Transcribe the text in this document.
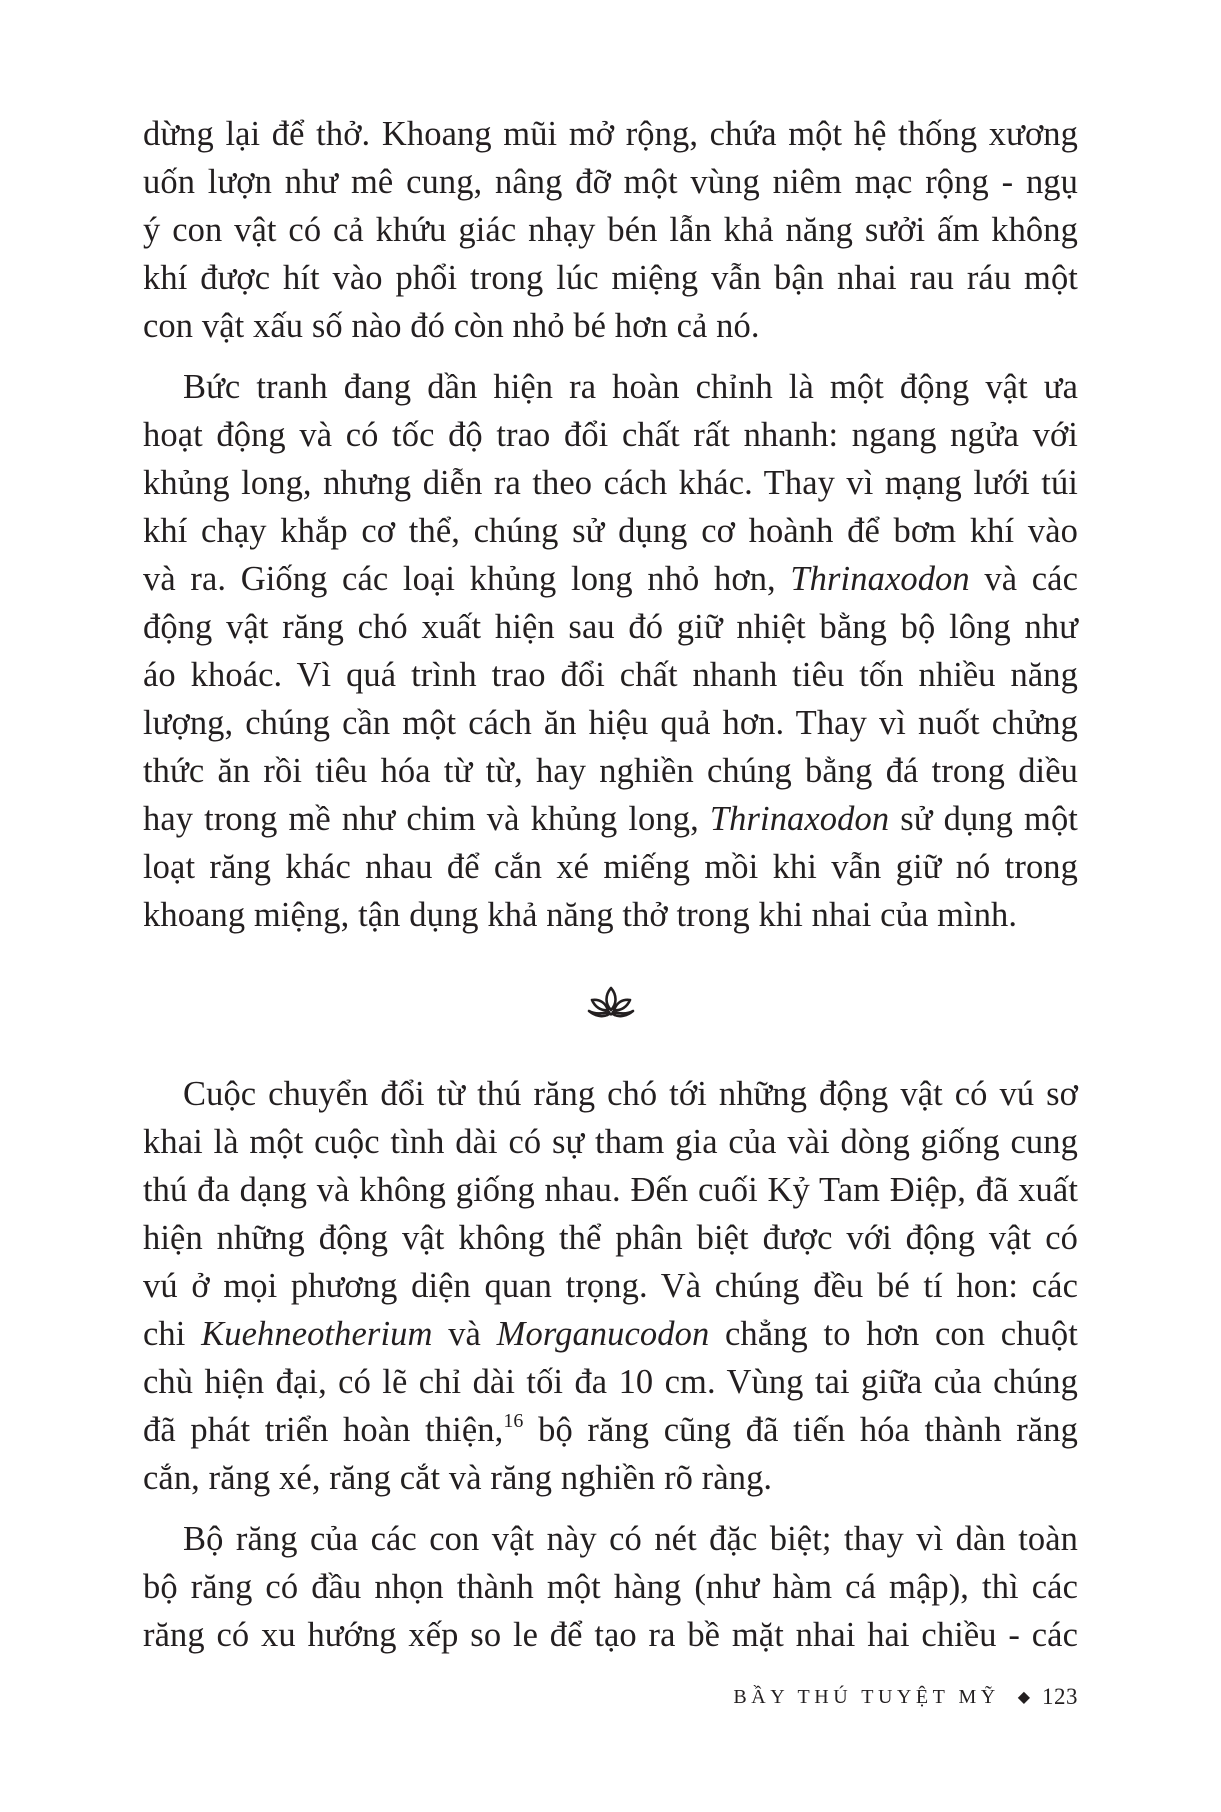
dừng lại để thở. Khoang mũi mở rộng, chứa một hệ thống xương
uốn lượn như mê cung, nâng đỡ một vùng niêm mạc rộng - ngụ
ý con vật có cả khứu giác nhạy bén lẫn khả năng sưởi ấm không
khí được hít vào phổi trong lúc miệng vẫn bận nhai rau ráu một
con vật xấu số nào đó còn nhỏ bé hơn cả nó.

Bức tranh đang dần hiện ra hoàn chỉnh là một động vật ưa
hoạt động và có tốc độ trao đổi chất rất nhanh: ngang ngửa với
khủng long, nhưng diễn ra theo cách khác. Thay vì mạng lưới túi
khí chạy khắp cơ thể, chúng sử dụng cơ hoành để bơm khí vào
và ra. Giống các loại khủng long nhỏ hơn, Thrinaxodon và các
động vật răng chó xuất hiện sau đó giữ nhiệt bằng bộ lông như
áo khoác. Vì quá trình trao đổi chất nhanh tiêu tốn nhiều năng
lượng, chúng cần một cách ăn hiệu quả hơn. Thay vì nuốt chửng
thức ăn rồi tiêu hóa từ từ, hay nghiền chúng bằng đá trong diều
hay trong mề như chim và khủng long, Thrinaxodon sử dụng một
loạt răng khác nhau để cắn xé miếng mồi khi vẫn giữ nó trong
khoang miệng, tận dụng khả năng thở trong khi nhai của mình.

Cuộc chuyển đổi từ thú răng chó tới những động vật có vú sơ
khai là một cuộc tình dài có sự tham gia của vài dòng giống cung
thú đa dạng và không giống nhau. Đến cuối Kỷ Tam Điệp, đã xuất
hiện những động vật không thể phân biệt được với động vật có
vú ở mọi phương diện quan trọng. Và chúng đều bé tí hon: các
chi Kuehneotherium và Morganucodon chẳng to hơn con chuột
chù hiện đại, có lẽ chỉ dài tối đa 10 cm. Vùng tai giữa của chúng
đã phát triển hoàn thiện,$^{16}$ bộ răng cũng đã tiến hóa thành răng
cắn, răng xé, răng cắt và răng nghiền rõ ràng.

Bộ răng của các con vật này có nét đặc biệt; thay vì dàn toàn
bộ răng có đầu nhọn thành một hàng (như hàm cá mập), thì các
răng có xu hướng xếp so le để tạo ra bề mặt nhai hai chiều - các

BẦY THÚ TUYỆT MỸ ◆ 123
